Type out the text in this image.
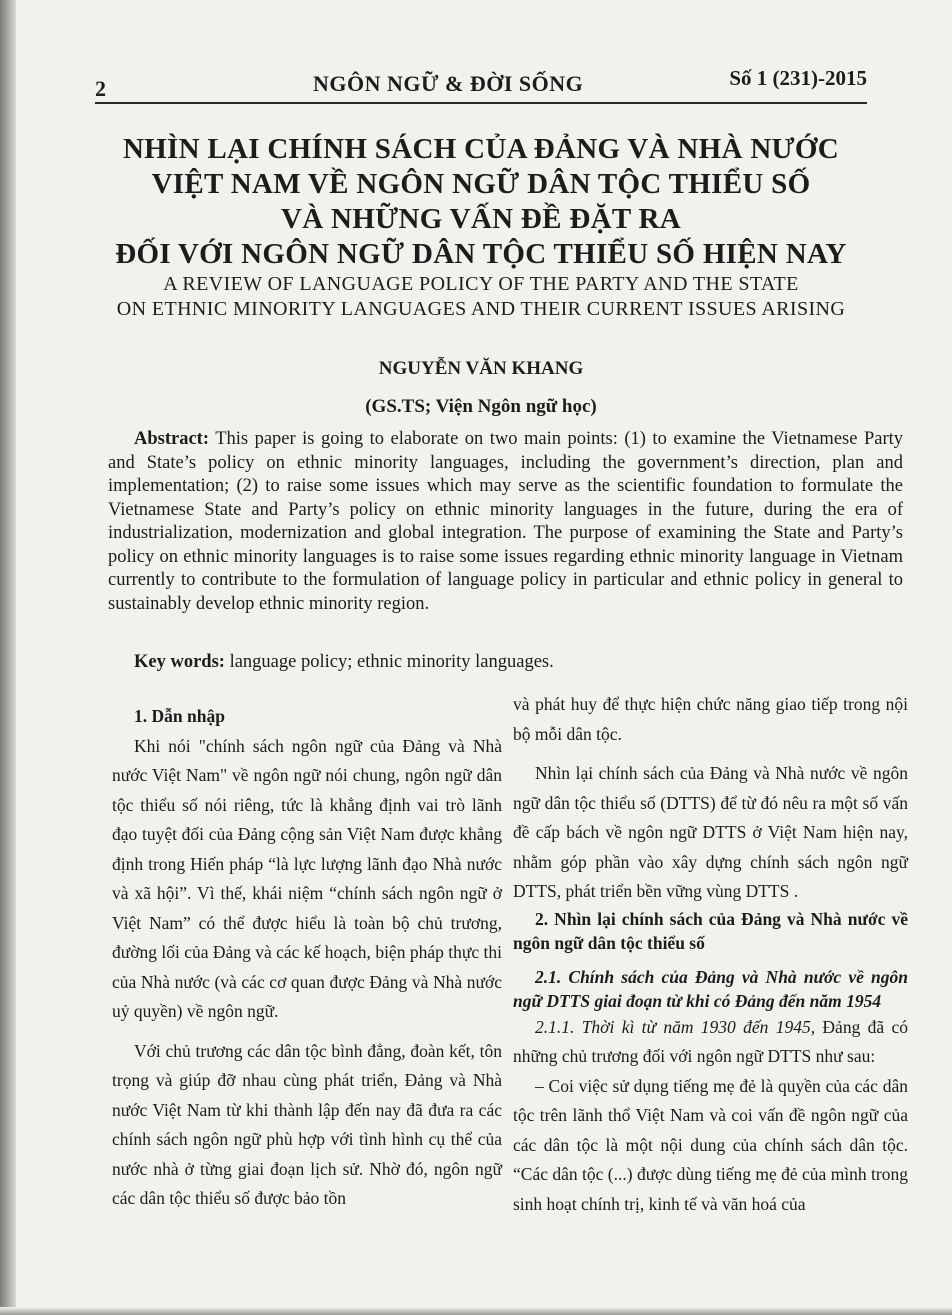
2	NGÔN NGỮ & ĐỜI SỐNG	Số 1 (231)-2015
NHÌN LẠI CHÍNH SÁCH CỦA ĐẢNG VÀ NHÀ NƯỚC
VIỆT NAM VỀ NGÔN NGỮ DÂN TỘC THIỂU SỐ
VÀ NHỮNG VẤN ĐỀ ĐẶT RA
ĐỐI VỚI NGÔN NGỮ DÂN TỘC THIỂU SỐ HIỆN NAY
A REVIEW OF LANGUAGE POLICY OF THE PARTY AND THE STATE
ON ETHNIC MINORITY LANGUAGES AND THEIR CURRENT ISSUES ARISING
NGUYỄN VĂN KHANG
(GS.TS; Viện Ngôn ngữ học)
Abstract: This paper is going to elaborate on two main points: (1) to examine the Vietnamese Party and State’s policy on ethnic minority languages, including the government’s direction, plan and implementation; (2) to raise some issues which may serve as the scientific foundation to formulate the Vietnamese State and Party’s policy on ethnic minority languages in the future, during the era of industrialization, modernization and global integration. The purpose of examining the State and Party’s policy on ethnic minority languages is to raise some issues regarding ethnic minority language in Vietnam currently to contribute to the formulation of language policy in particular and ethnic policy in general to sustainably develop ethnic minority region.
Key words: language policy; ethnic minority languages.

1. Dẫn nhập

Khi nói "chính sách ngôn ngữ của Đảng và Nhà nước Việt Nam" về ngôn ngữ nói chung, ngôn ngữ dân tộc thiểu số nói riêng, tức là khẳng định vai trò lãnh đạo tuyệt đối của Đảng cộng sản Việt Nam được khẳng định trong Hiến pháp “là lực lượng lãnh đạo Nhà nước và xã hội”. Vì thế, khái niệm “chính sách ngôn ngữ ở Việt Nam” có thể được hiểu là toàn bộ chủ trương, đường lối của Đảng và các kế hoạch, biện pháp thực thi của Nhà nước (và các cơ quan được Đảng và Nhà nước uỷ quyền) về ngôn ngữ.

Với chủ trương các dân tộc bình đẳng, đoàn kết, tôn trọng và giúp đỡ nhau cùng phát triển, Đảng và Nhà nước Việt Nam từ khi thành lập đến nay đã đưa ra các chính sách ngôn ngữ phù hợp với tình hình cụ thể của nước nhà ở từng giai đoạn lịch sử. Nhờ đó, ngôn ngữ các dân tộc thiểu số được bảo tồn

và phát huy để thực hiện chức năng giao tiếp trong nội bộ mỗi dân tộc.

Nhìn lại chính sách của Đảng và Nhà nước về ngôn ngữ dân tộc thiểu số (DTTS) để từ đó nêu ra một số vấn đề cấp bách về ngôn ngữ DTTS ở Việt Nam hiện nay, nhằm góp phần vào xây dựng chính sách ngôn ngữ DTTS, phát triển bền vững vùng DTTS .

2. Nhìn lại chính sách của Đảng và Nhà nước về ngôn ngữ dân tộc thiểu số

2.1. Chính sách của Đảng và Nhà nước về ngôn ngữ DTTS giai đoạn từ khi có Đảng đến năm 1954

2.1.1. Thời kì từ năm 1930 đến 1945, Đảng đã có những chủ trương đối với ngôn ngữ DTTS như sau:

– Coi việc sử dụng tiếng mẹ đẻ là quyền của các dân tộc trên lãnh thổ Việt Nam và coi vấn đề ngôn ngữ của các dân tộc là một nội dung của chính sách dân tộc. “Các dân tộc (...) được dùng tiếng mẹ đẻ của mình trong sinh hoạt chính trị, kinh tế và văn hoá của
